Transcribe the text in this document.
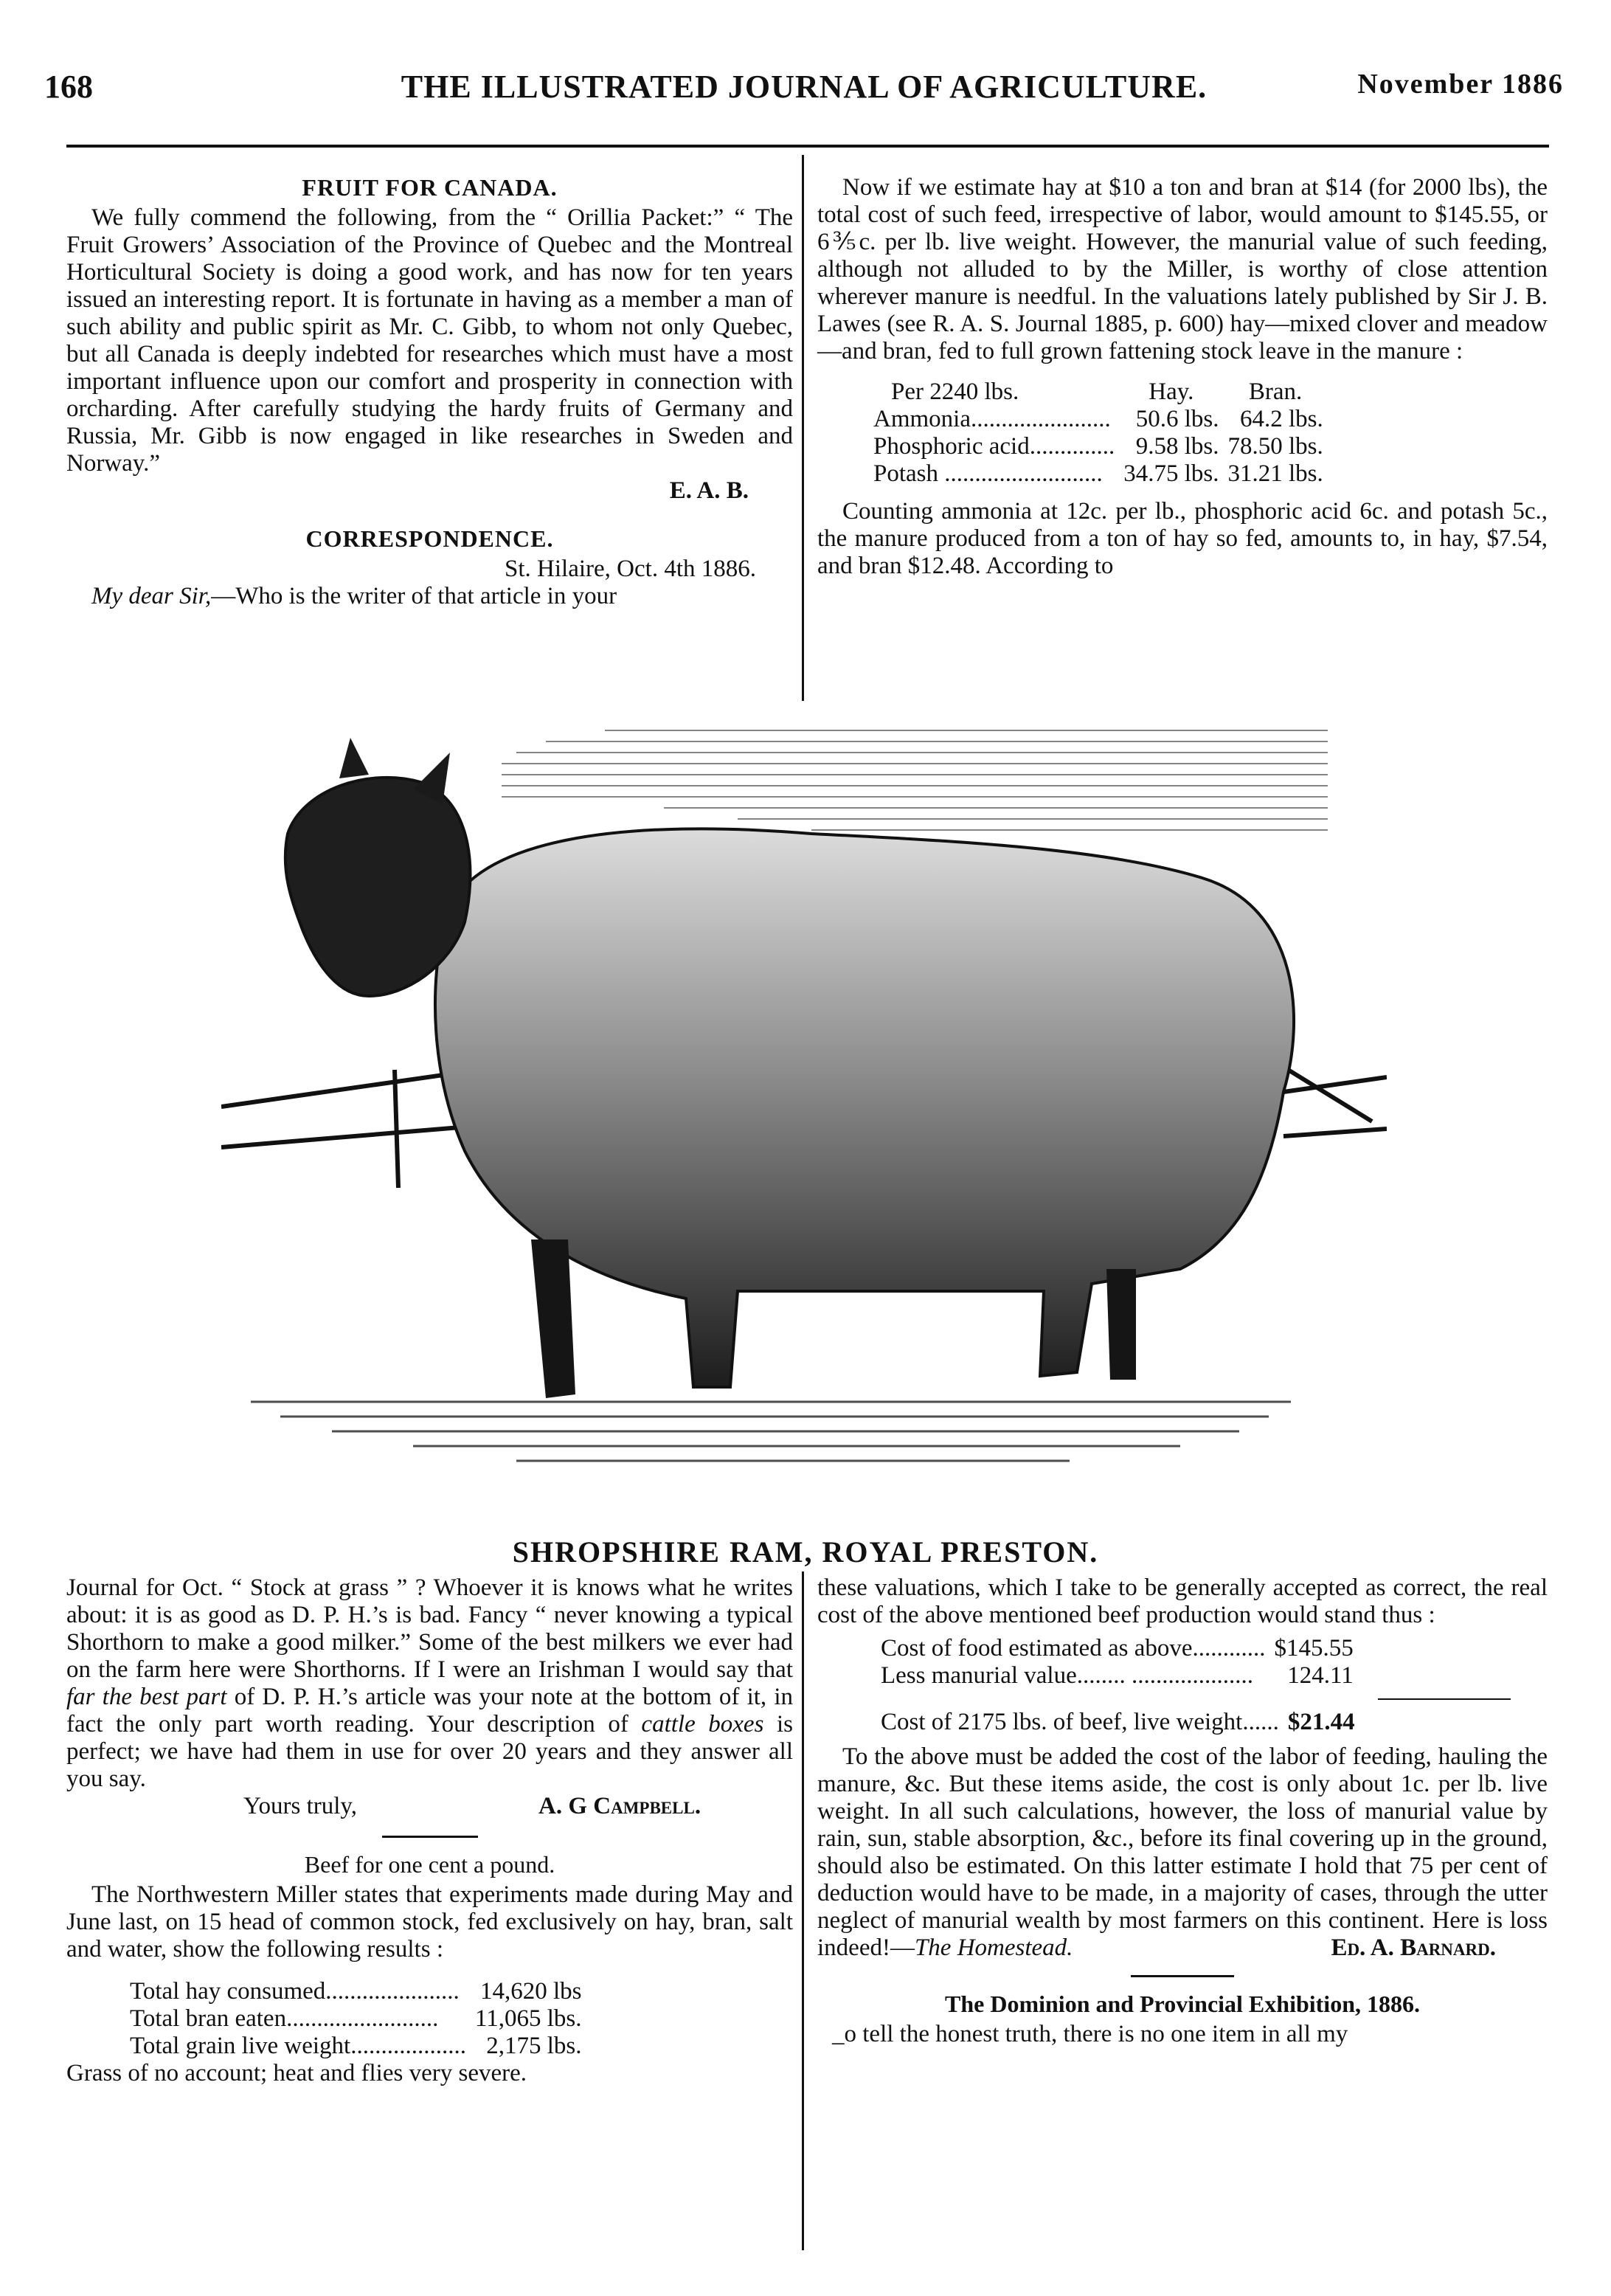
168	THE ILLUSTRATED JOURNAL OF AGRICULTURE.	November 1886
FRUIT FOR CANADA.

We fully commend the following, from the “ Orillia Packet:” “ The Fruit Growers’ Association of the Province of Quebec and the Montreal Horticultural Society is doing a good work, and has now for ten years issued an interesting report. It is fortunate in having as a member a man of such ability and public spirit as Mr. C. Gibb, to whom not only Quebec, but all Canada is deeply indebted for researches which must have a most important influence upon our comfort and prosperity in connection with orcharding. After carefully studying the hardy fruits of Germany and Russia, Mr. Gibb is now engaged in like researches in Sweden and Norway.”

E. A. B.
CORRESPONDENCE.
St. Hilaire, Oct. 4th 1886.

My dear Sir,—Who is the writer of that article in your

Now if we estimate hay at $10 a ton and bran at $14 (for 2000 lbs), the total cost of such feed, irrespective of labor, would amount to $145.55, or 6⅗c. per lb. live weight. However, the manurial value of such feeding, although not alluded to by the Miller, is worthy of close attention wherever manure is needful. In the valuations lately published by Sir J. B. Lawes (see R. A. S. Journal 1885, p. 600) hay—mixed clover and meadow—and bran, fed to full grown fattening stock leave in the manure :

Per 2240 lbs.	Hay.	Bran.
Ammonia.......................	50.6 lbs.	64.2 lbs.
Phosphoric acid..............	9.58 lbs.	78.50 lbs.
Potash ..........................	34.75 lbs.	31.21 lbs.

Counting ammonia at 12c. per lb., phosphoric acid 6c. and potash 5c., the manure produced from a ton of hay so fed, amounts to, in hay, $7.54, and bran $12.48. According to

SHROPSHIRE RAM, ROYAL PRESTON.

Journal for Oct. “ Stock at grass ” ? Whoever it is knows what he writes about: it is as good as D. P. H.’s is bad. Fancy “ never knowing a typical Shorthorn to make a good milker.” Some of the best milkers we ever had on the farm here were Shorthorns. If I were an Irishman I would say that far the best part of D. P. H.’s article was your note at the bottom of it, in fact the only part worth reading. Your description of cattle boxes is perfect; we have had them in use for over 20 years and they answer all you say.

Yours truly,	A. G Campbell.
Beef for one cent a pound.

The Northwestern Miller states that experiments made during May and June last, on 15 head of common stock, fed exclusively on hay, bran, salt and water, show the following results :

Total hay consumed......................	14,620 lbs
Total bran eaten.........................	11,065 lbs.
Total grain live weight...................	2,175 lbs.

Grass of no account; heat and flies very severe.

these valuations, which I take to be generally accepted as correct, the real cost of the above mentioned beef production would stand thus :

Cost of food estimated as above............	$145.55
Less manurial value........ ....................	124.11
Cost of 2175 lbs. of beef, live weight......	$21.44

To the above must be added the cost of the labor of feeding, hauling the manure, &c. But these items aside, the cost is only about 1c. per lb. live weight. In all such calculations, however, the loss of manurial value by rain, sun, stable absorption, &c., before its final covering up in the ground, should also be estimated. On this latter estimate I hold that 75 per cent of deduction would have to be made, in a majority of cases, through the utter neglect of manurial wealth by most farmers on this continent. Here is loss indeed!—The Homestead.	Ed. A. Barnard.
The Dominion and Provincial Exhibition, 1886.

_o tell the honest truth, there is no one item in all my
